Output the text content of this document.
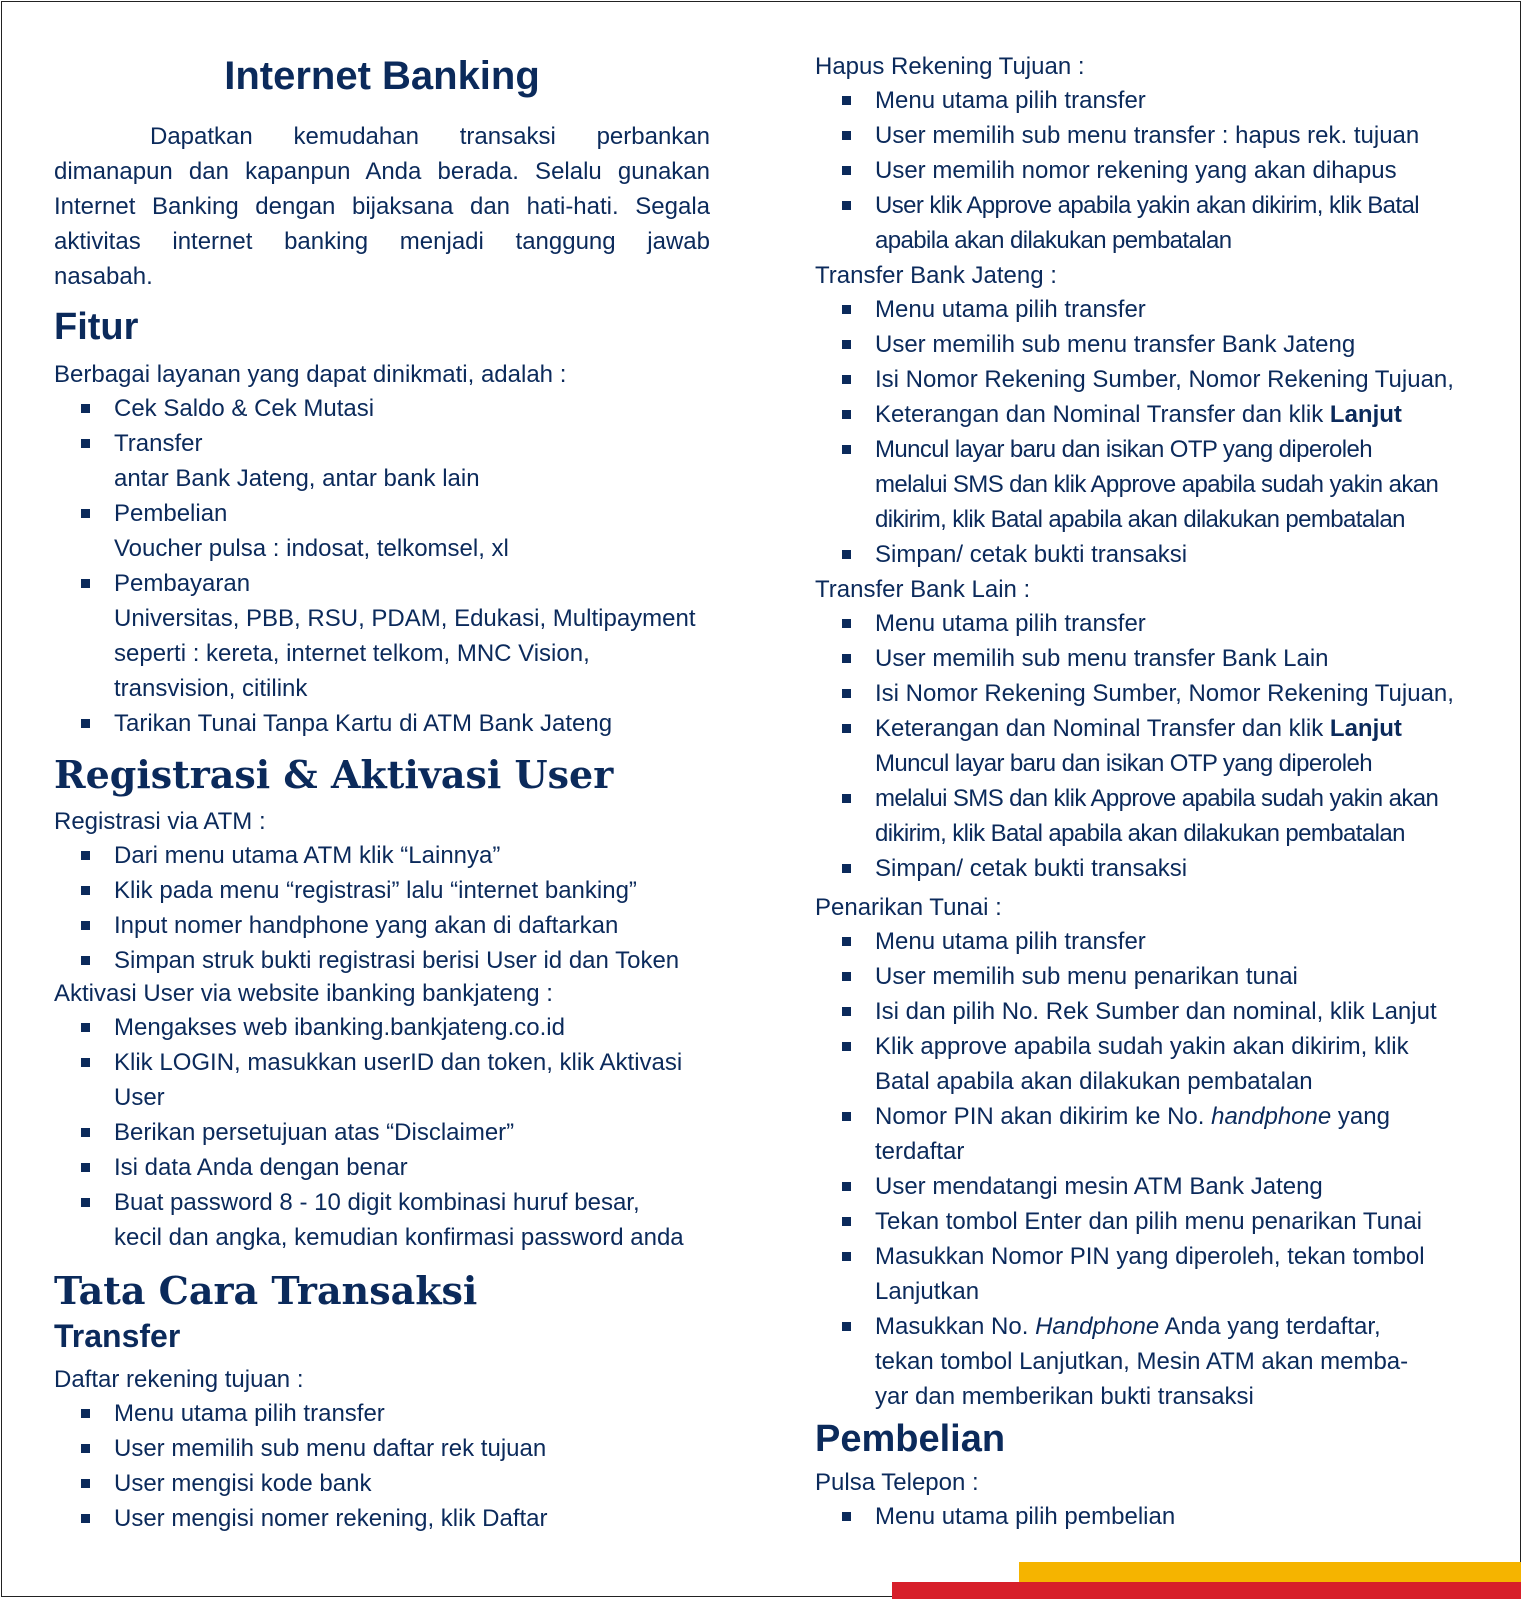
Internet Banking
Dapatkan kemudahan transaksi perbankan
dimanapun dan kapanpun Anda berada. Selalu gunakan
Internet Banking dengan bijaksana dan hati-hati. Segala
aktivitas internet banking menjadi tanggung jawab
nasabah.
Fitur
Berbagai layanan yang dapat dinikmati, adalah :
Cek Saldo & Cek Mutasi
Transfer
antar Bank Jateng, antar bank lain
Pembelian
Voucher pulsa : indosat, telkomsel, xl
Pembayaran
Universitas, PBB, RSU, PDAM, Edukasi, Multipayment
seperti : kereta, internet telkom, MNC Vision,
transvision, citilink
Tarikan Tunai Tanpa Kartu di ATM Bank Jateng
Registrasi & Aktivasi User
Registrasi via ATM :
Dari menu utama ATM klik “Lainnya”
Klik pada menu “registrasi” lalu “internet banking”
Input nomer handphone yang akan di daftarkan
Simpan struk bukti registrasi berisi User id dan Token
Aktivasi User via website ibanking bankjateng :
Mengakses web ibanking.bankjateng.co.id
Klik LOGIN, masukkan userID dan token, klik Aktivasi
User
Berikan persetujuan atas “Disclaimer”
Isi data Anda dengan benar
Buat password 8 - 10 digit kombinasi huruf besar,
kecil dan angka, kemudian konfirmasi password anda
Tata Cara Transaksi
Transfer
Daftar rekening tujuan :
Menu utama pilih transfer
User memilih sub menu daftar rek tujuan
User mengisi kode bank
User mengisi nomer rekening, klik Daftar
Hapus Rekening Tujuan :
Menu utama pilih transfer
User memilih sub menu transfer : hapus rek. tujuan
User memilih nomor rekening yang akan dihapus
User klik Approve apabila yakin akan dikirim, klik Batal
apabila akan dilakukan pembatalan
Transfer Bank Jateng :
Menu utama pilih transfer
User memilih sub menu transfer Bank Jateng
Isi Nomor Rekening Sumber, Nomor Rekening Tujuan,
Keterangan dan Nominal Transfer dan klik Lanjut
Muncul layar baru dan isikan OTP yang diperoleh
melalui SMS dan klik Approve apabila sudah yakin akan
dikirim, klik Batal apabila akan dilakukan pembatalan
Simpan/ cetak bukti transaksi
Transfer Bank Lain :
Menu utama pilih transfer
User memilih sub menu transfer Bank Lain
Isi Nomor Rekening Sumber, Nomor Rekening Tujuan,
Keterangan dan Nominal Transfer dan klik Lanjut
Muncul layar baru dan isikan OTP yang diperoleh
melalui SMS dan klik Approve apabila sudah yakin akan
dikirim, klik Batal apabila akan dilakukan pembatalan
Simpan/ cetak bukti transaksi
Penarikan Tunai :
Menu utama pilih transfer
User memilih sub menu penarikan tunai
Isi dan pilih No. Rek Sumber dan nominal, klik Lanjut
Klik approve apabila sudah yakin akan dikirim, klik
Batal apabila akan dilakukan pembatalan
Nomor PIN akan dikirim ke No. handphone yang
terdaftar
User mendatangi mesin ATM Bank Jateng
Tekan tombol Enter dan pilih menu penarikan Tunai
Masukkan Nomor PIN yang diperoleh, tekan tombol
Lanjutkan
Masukkan No. Handphone Anda yang terdaftar,
tekan tombol Lanjutkan, Mesin ATM akan memba-
yar dan memberikan bukti transaksi
Pembelian
Pulsa Telepon :
Menu utama pilih pembelian
